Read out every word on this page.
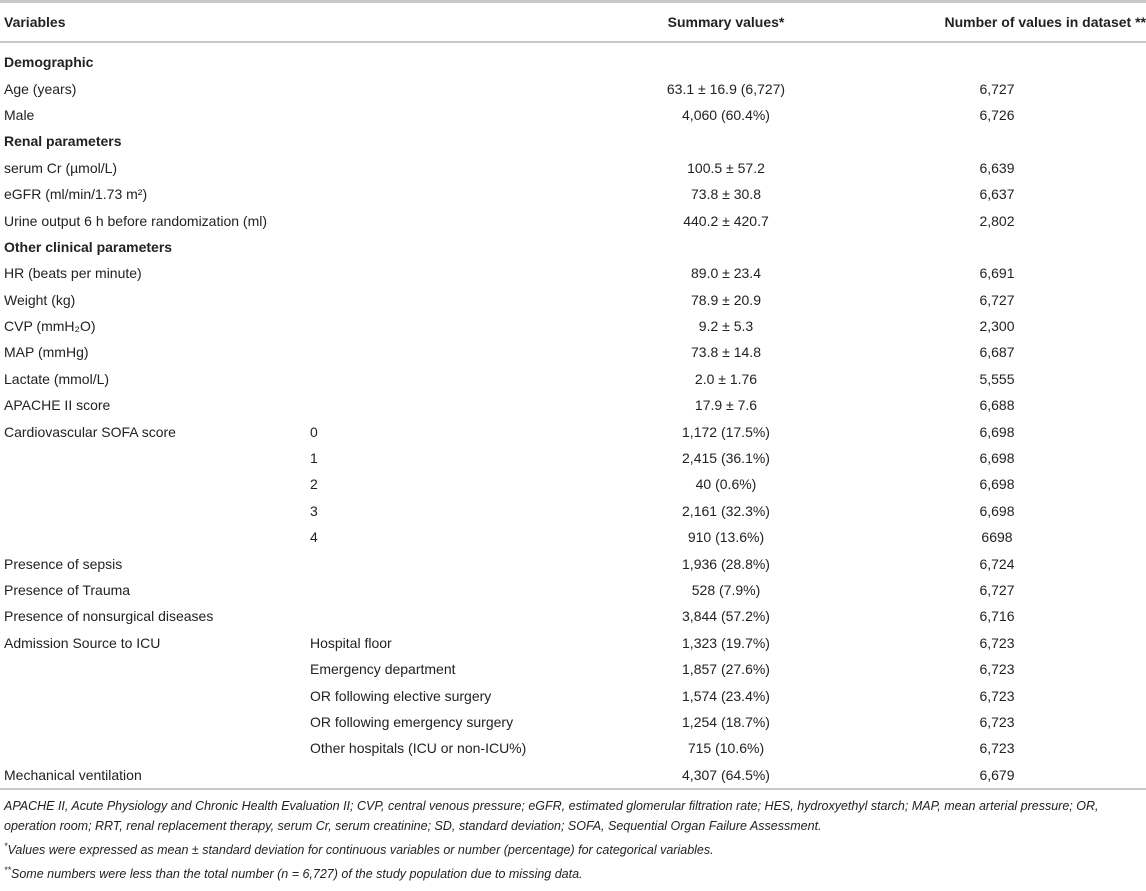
Variables		Summary values*	Number of values in dataset **
Demographic			
Age (years)		63.1 ± 16.9 (6,727)	6,727
Male		4,060 (60.4%)	6,726
Renal parameters			
serum Cr (µmol/L)		100.5 ± 57.2	6,639
eGFR (ml/min/1.73 m²)		73.8 ± 30.8	6,637
Urine output 6 h before randomization (ml)		440.2 ± 420.7	2,802
Other clinical parameters			
HR (beats per minute)		89.0 ± 23.4	6,691
Weight (kg)		78.9 ± 20.9	6,727
CVP (mmH₂O)		9.2 ± 5.3	2,300
MAP (mmHg)		73.8 ± 14.8	6,687
Lactate (mmol/L)		2.0 ± 1.76	5,555
APACHE II score		17.9 ± 7.6	6,688
Cardiovascular SOFA score	0	1,172 (17.5%)	6,698
	1	2,415 (36.1%)	6,698
	2	40 (0.6%)	6,698
	3	2,161 (32.3%)	6,698
	4	910 (13.6%)	6698
Presence of sepsis		1,936 (28.8%)	6,724
Presence of Trauma		528 (7.9%)	6,727
Presence of nonsurgical diseases		3,844 (57.2%)	6,716
Admission Source to ICU	Hospital floor	1,323 (19.7%)	6,723
	Emergency department	1,857 (27.6%)	6,723
	OR following elective surgery	1,574 (23.4%)	6,723
	OR following emergency surgery	1,254 (18.7%)	6,723
	Other hospitals (ICU or non-ICU%)	715 (10.6%)	6,723
Mechanical ventilation		4,307 (64.5%)	6,679

APACHE II, Acute Physiology and Chronic Health Evaluation II; CVP, central venous pressure; eGFR, estimated glomerular filtration rate; HES, hydroxyethyl starch; MAP, mean arterial pressure; OR, operation room; RRT, renal replacement therapy, serum Cr, serum creatinine; SD, standard deviation; SOFA, Sequential Organ Failure Assessment.

*Values were expressed as mean ± standard deviation for continuous variables or number (percentage) for categorical variables.

**Some numbers were less than the total number (n = 6,727) of the study population due to missing data.
